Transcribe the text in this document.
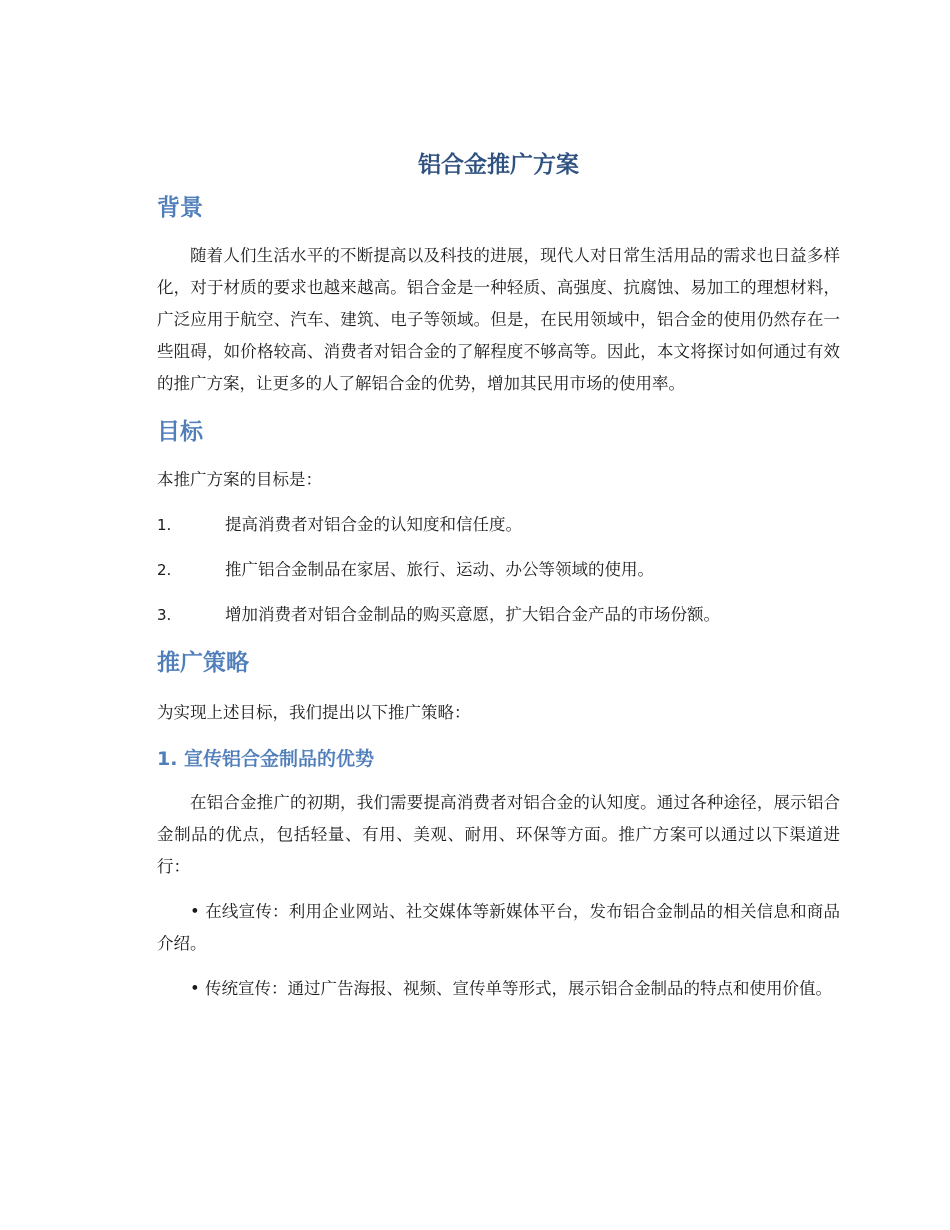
铝合金推广方案
背景

随着人们生活水平的不断提高以及科技的进展，现代人对日常生活用品的需求也日益多样化，对于材质的要求也越来越高。铝合金是一种轻质、高强度、抗腐蚀、易加工的理想材料，广泛应用于航空、汽车、建筑、电子等领域。但是，在民用领域中，铝合金的使用仍然存在一些阻碍，如价格较高、消费者对铝合金的了解程度不够高等。因此，本文将探讨如何通过有效的推广方案，让更多的人了解铝合金的优势，增加其民用市场的使用率。

目标

本推广方案的目标是：

1.	提高消费者对铝合金的认知度和信任度。
2.	推广铝合金制品在家居、旅行、运动、办公等领域的使用。
3.	增加消费者对铝合金制品的购买意愿，扩大铝合金产品的市场份额。
推广策略

为实现上述目标，我们提出以下推广策略：

1. 宣传铝合金制品的优势

在铝合金推广的初期，我们需要提高消费者对铝合金的认知度。通过各种途径，展示铝合金制品的优点，包括轻量、有用、美观、耐用、环保等方面。推广方案可以通过以下渠道进行：

• 在线宣传：利用企业网站、社交媒体等新媒体平台，发布铝合金制品的相关信息和商品介绍。

• 传统宣传：通过广告海报、视频、宣传单等形式，展示铝合金制品的特点和使用价值。
